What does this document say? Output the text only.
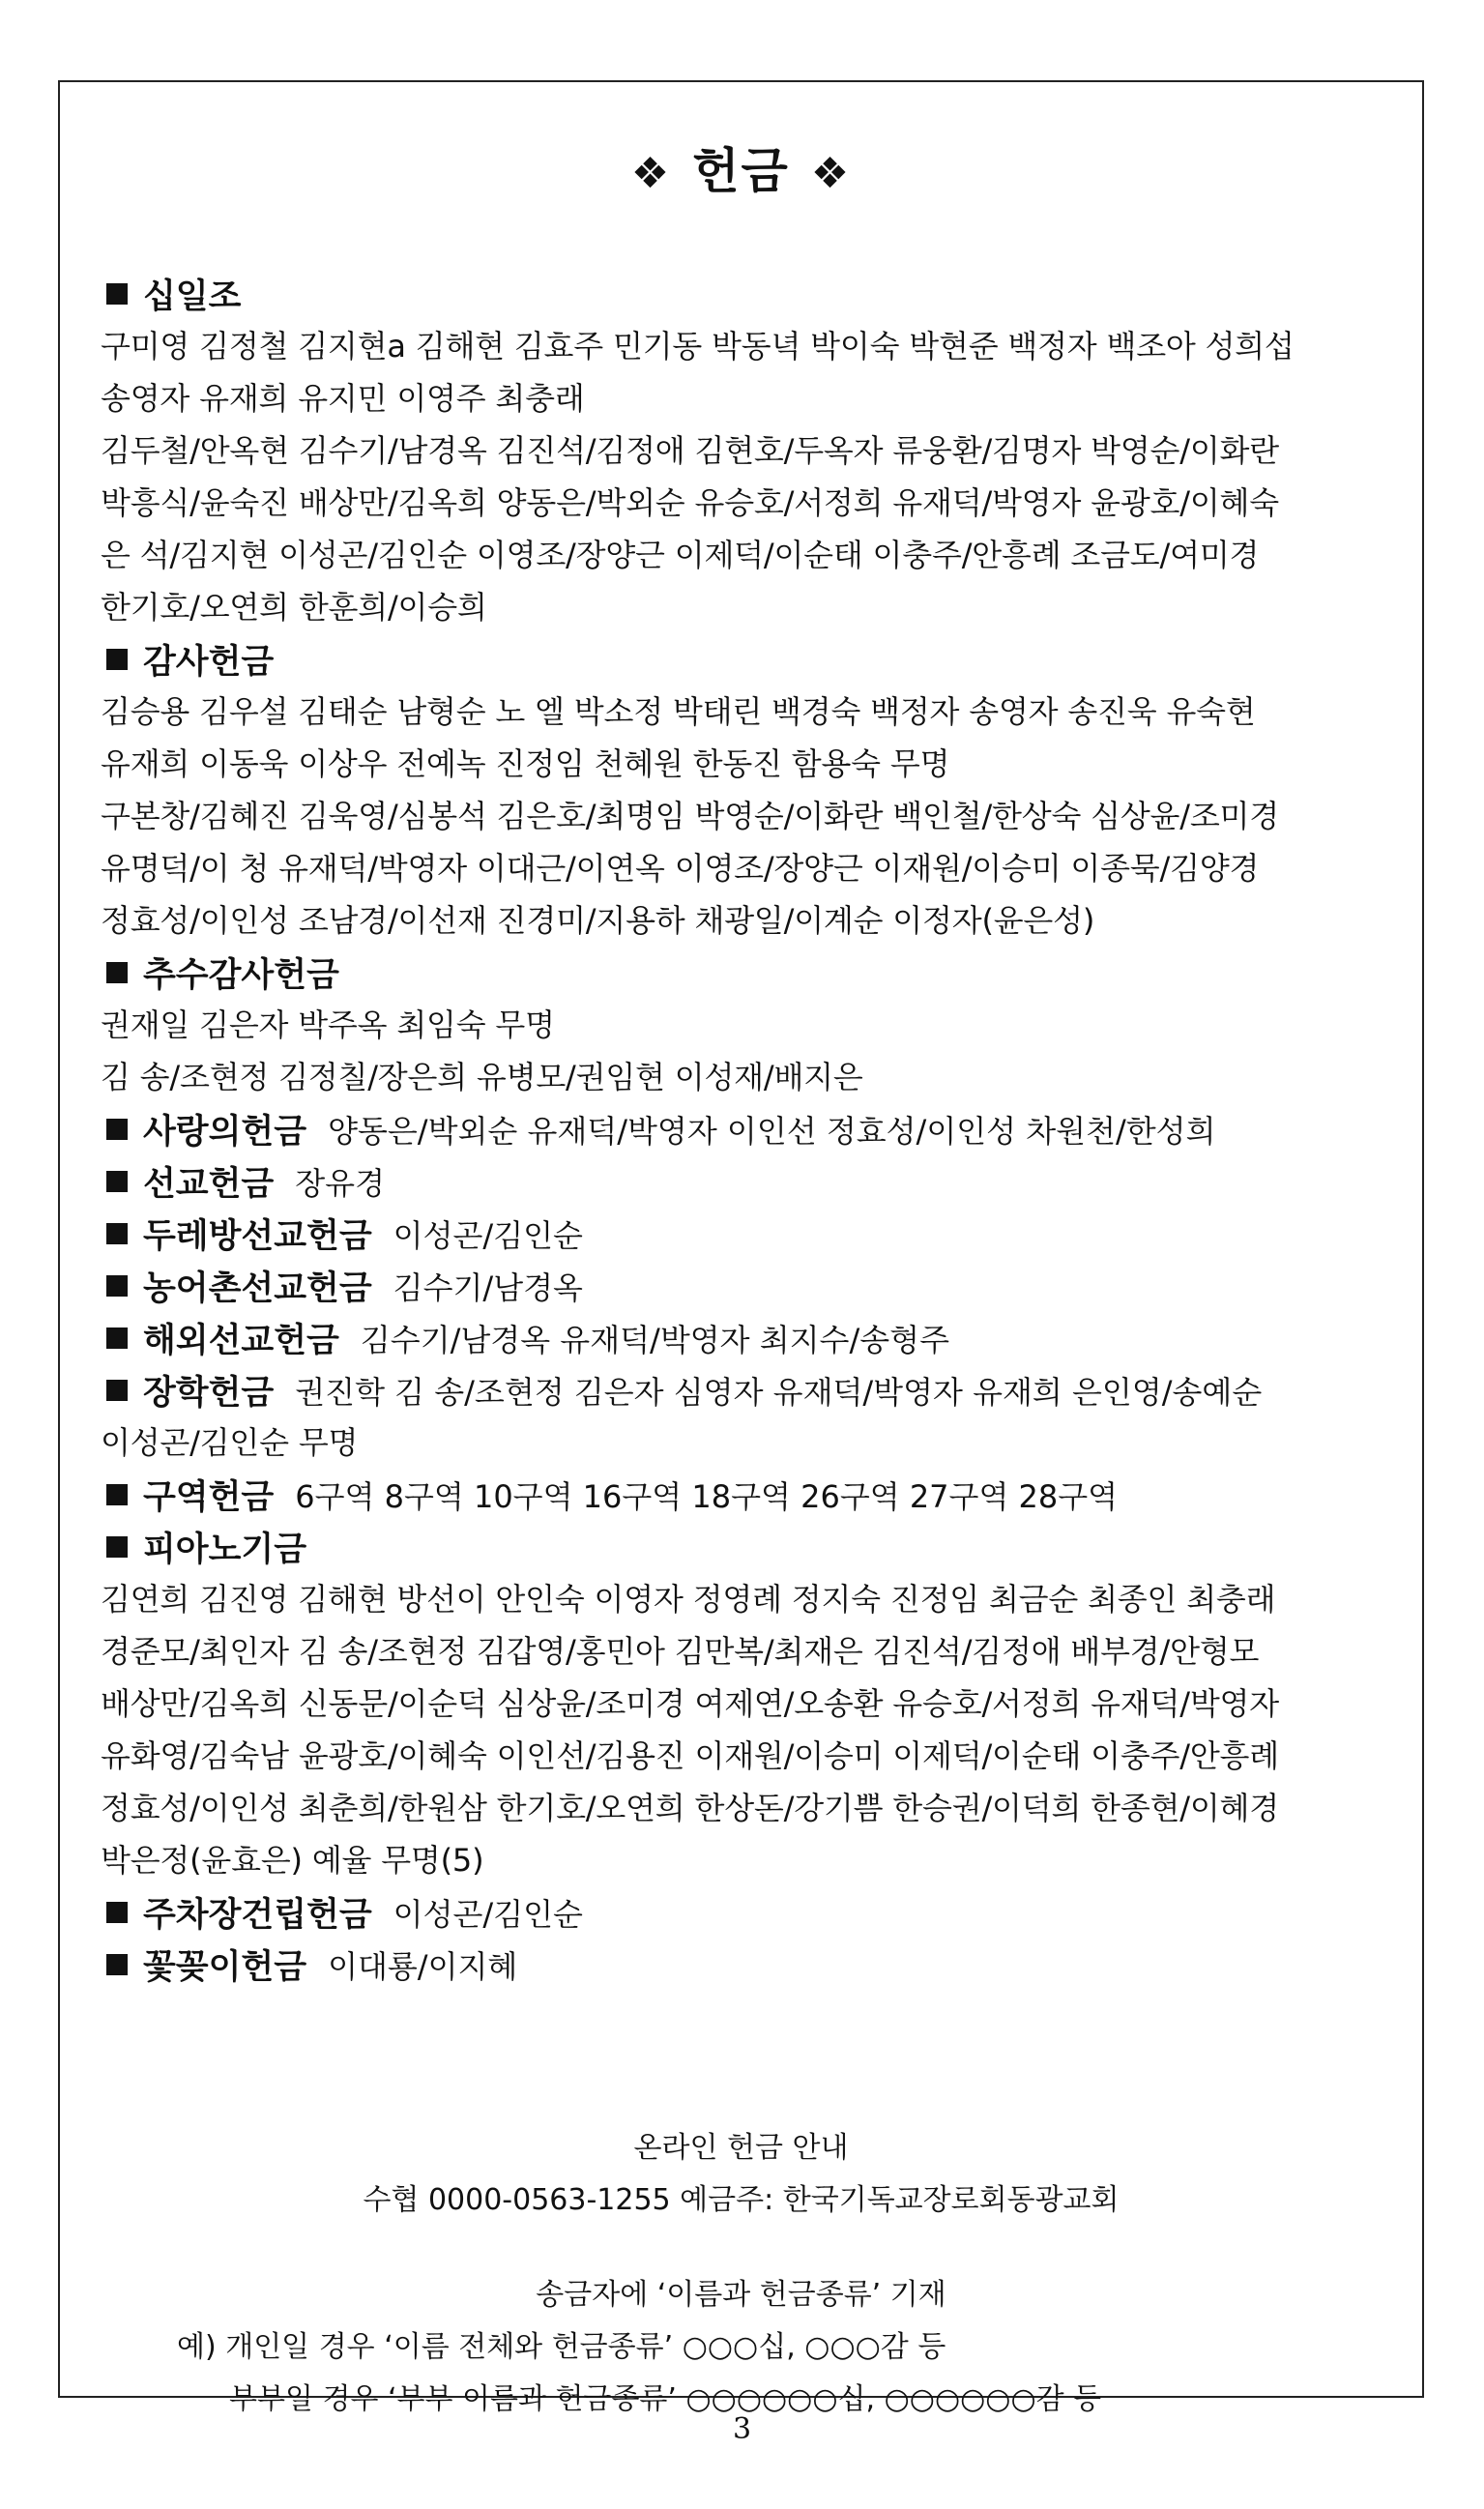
❖ 헌금 ❖
십일조
구미영 김정철 김지현a 김해현 김효주 민기동 박동녁 박이숙 박현준 백정자 백조아 성희섭
송영자 유재희 유지민 이영주 최충래
김두철/안옥현 김수기/남경옥 김진석/김정애 김현호/두옥자 류웅환/김명자 박영순/이화란
박흥식/윤숙진 배상만/김옥희 양동은/박외순 유승호/서정희 유재덕/박영자 윤광호/이혜숙
은 석/김지현 이성곤/김인순 이영조/장양근 이제덕/이순태 이충주/안흥례 조금도/여미경
한기호/오연희 한훈희/이승희
감사헌금
김승용 김우설 김태순 남형순 노 엘 박소정 박태린 백경숙 백정자 송영자 송진욱 유숙현
유재희 이동욱 이상우 전예녹 진정임 천혜원 한동진 함용숙 무명
구본창/김혜진 김욱영/심봉석 김은호/최명임 박영순/이화란 백인철/한상숙 심상윤/조미경
유명덕/이 청 유재덕/박영자 이대근/이연옥 이영조/장양근 이재원/이승미 이종묵/김양경
정효성/이인성 조남경/이선재 진경미/지용하 채광일/이계순 이정자(윤은성)
추수감사헌금
권재일 김은자 박주옥 최임숙 무명
김 송/조현정 김정칠/장은희 유병모/권임현 이성재/배지은
사랑의헌금 양동은/박외순 유재덕/박영자 이인선 정효성/이인성 차원천/한성희
선교헌금 장유경
두레방선교헌금 이성곤/김인순
농어촌선교헌금 김수기/남경옥
해외선교헌금 김수기/남경옥 유재덕/박영자 최지수/송형주
장학헌금 권진학 김 송/조현정 김은자 심영자 유재덕/박영자 유재희 은인영/송예순
이성곤/김인순 무명
구역헌금 6구역 8구역 10구역 16구역 18구역 26구역 27구역 28구역
피아노기금
김연희 김진영 김해현 방선이 안인숙 이영자 정영례 정지숙 진정임 최금순 최종인 최충래
경준모/최인자 김 송/조현정 김갑영/홍민아 김만복/최재은 김진석/김정애 배부경/안형모
배상만/김옥희 신동문/이순덕 심상윤/조미경 여제연/오송환 유승호/서정희 유재덕/박영자
유화영/김숙남 윤광호/이혜숙 이인선/김용진 이재원/이승미 이제덕/이순태 이충주/안흥례
정효성/이인성 최춘희/한원삼 한기호/오연희 한상돈/강기쁨 한승권/이덕희 한종현/이혜경
박은정(윤효은) 예율 무명(5)
주차장건립헌금 이성곤/김인순
꽃꽂이헌금 이대룡/이지혜
온라인 헌금 안내
수협 0000-0563-1255 예금주: 한국기독교장로회동광교회
송금자에 ‘이름과 헌금종류’ 기재
예) 개인일 경우 ‘이름 전체와 헌금종류’ ○○○십, ○○○감 등
부부일 경우 ‘부부 이름과 헌금종류’ ○○○○○○십, ○○○○○○감 등
3
